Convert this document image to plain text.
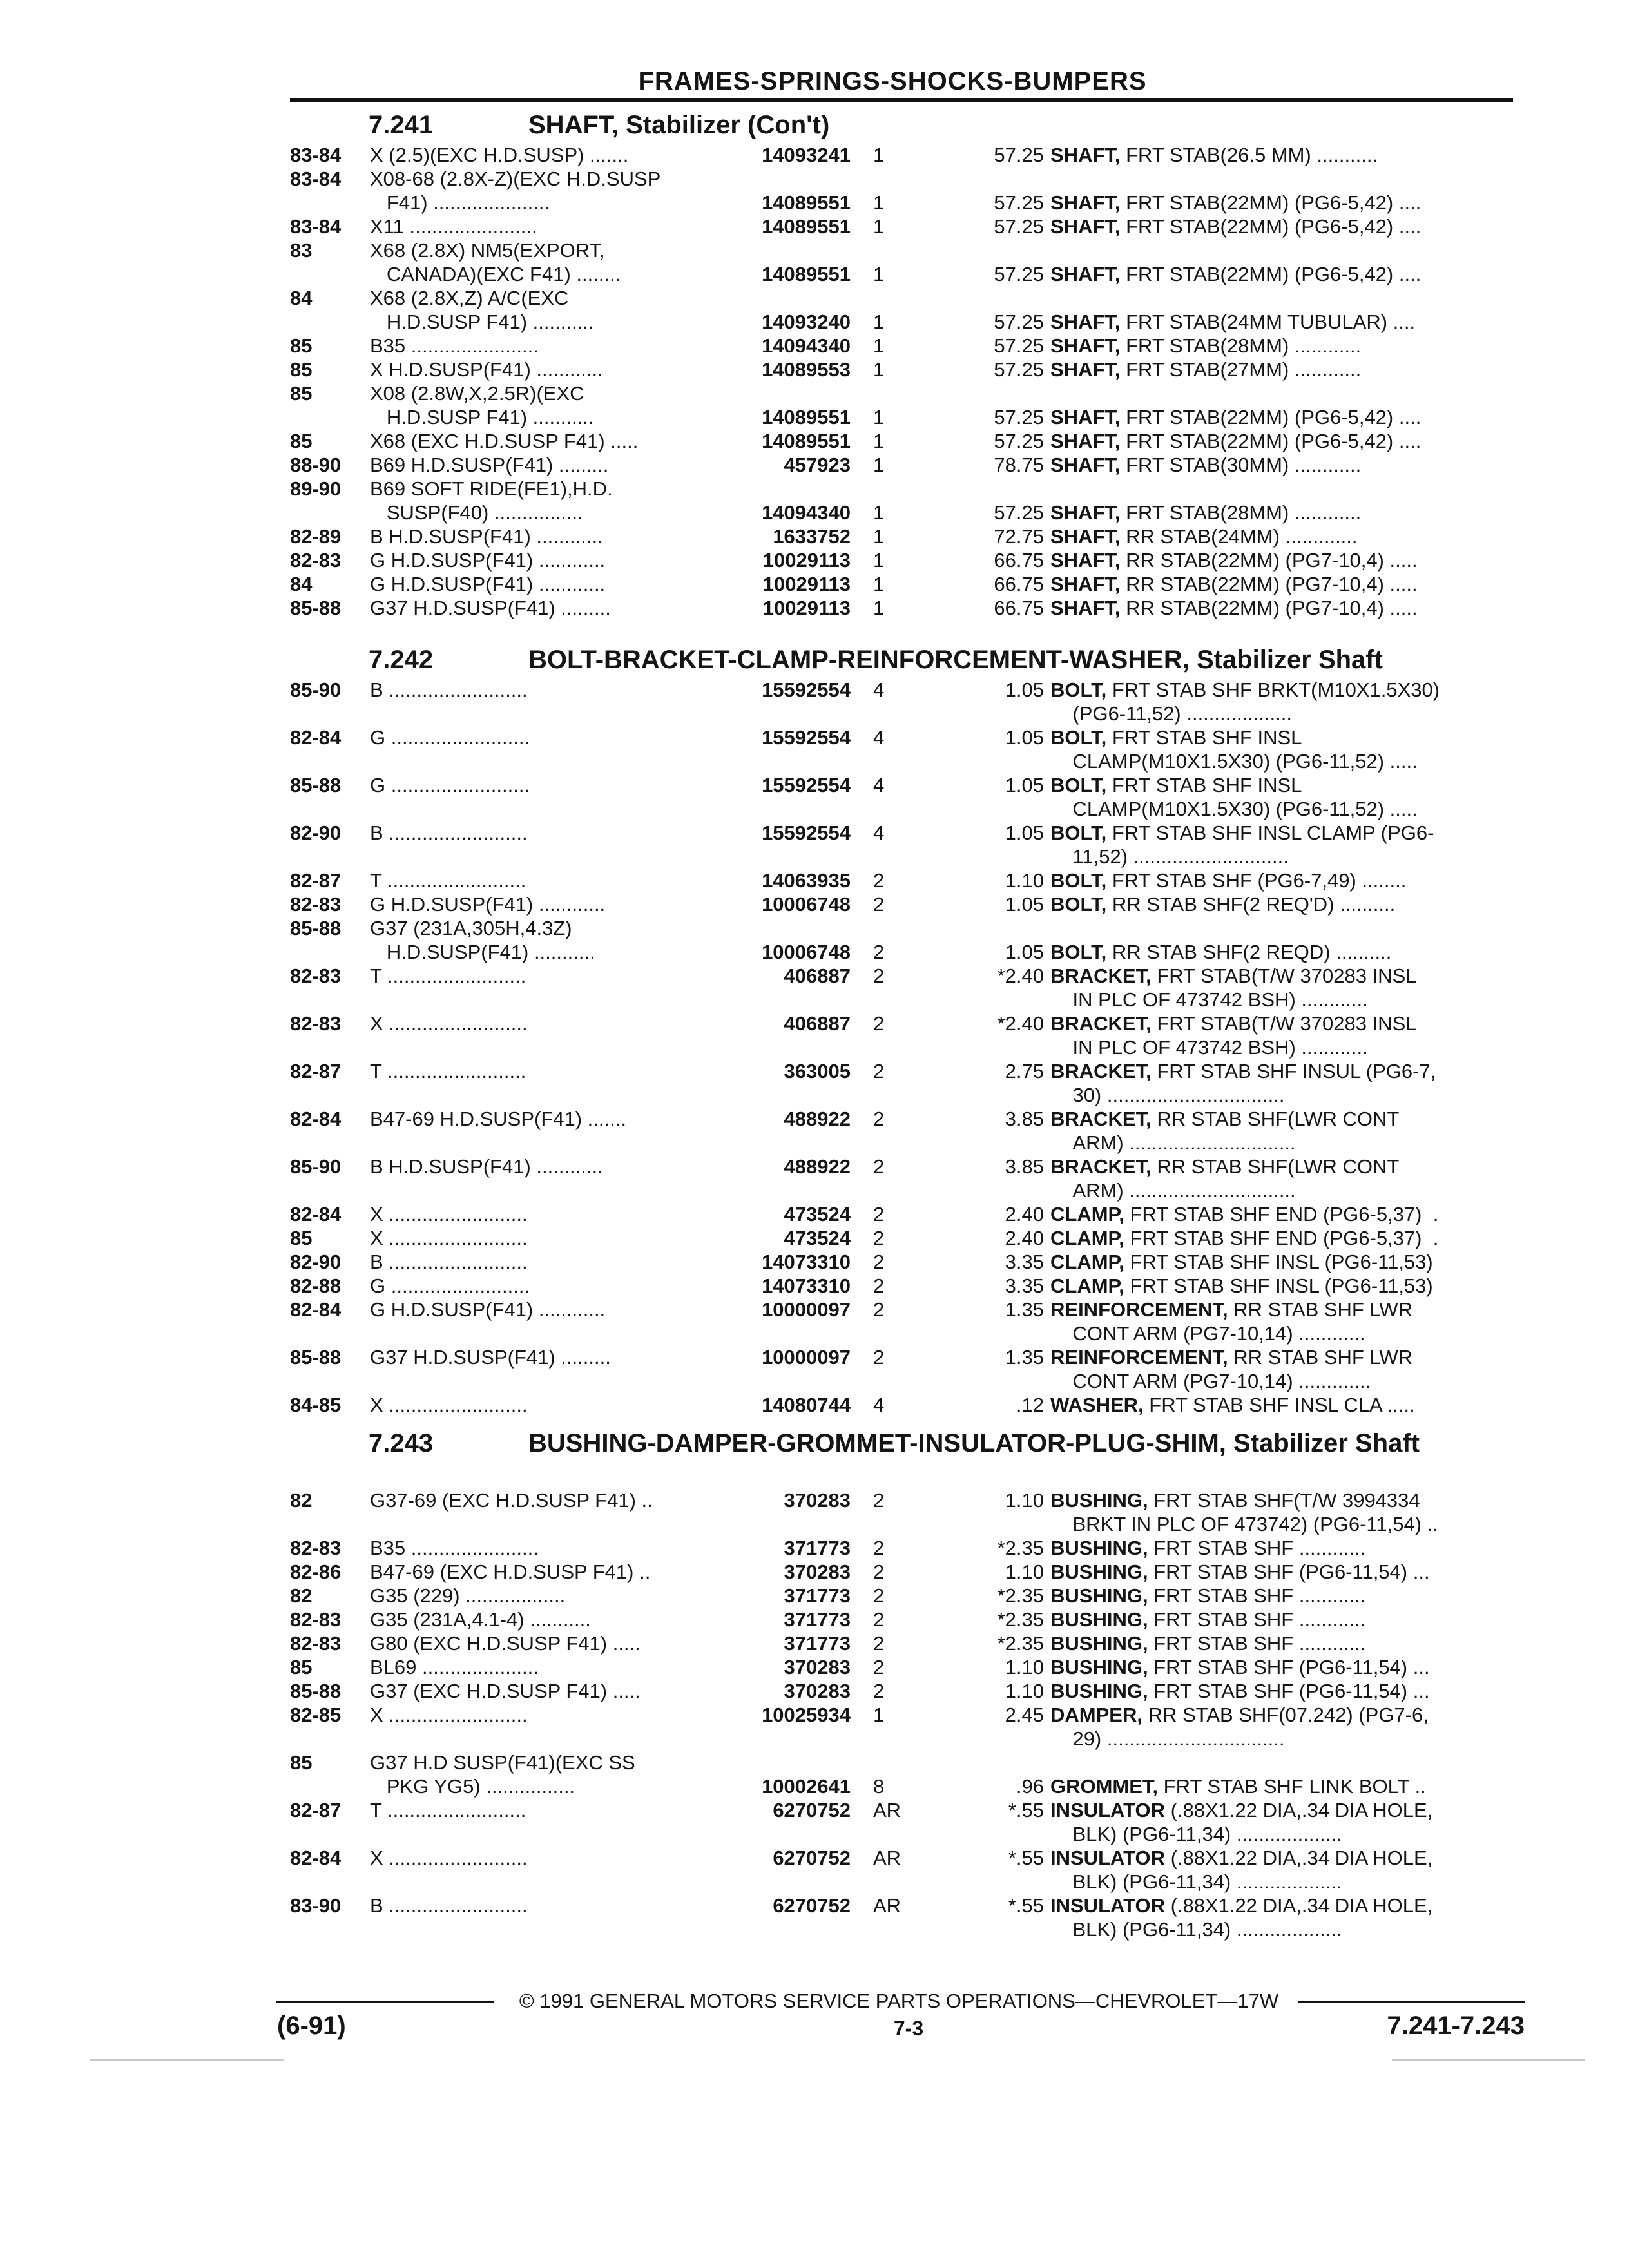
FRAMES-SPRINGS-SHOCKS-BUMPERS
7.241	SHAFT, Stabilizer (Con't)
83-84	X (2.5)(EXC H.D.SUSP) .......	14093241 1	57.25 SHAFT, FRT STAB(26.5 MM) ...........
83-84	X08-68 (2.8X-Z)(EXC H.D.SUSP
F41) .....................	14089551 1	57.25 SHAFT, FRT STAB(22MM) (PG6-5,42) ....
83-84	X11 .......................	14089551 1	57.25 SHAFT, FRT STAB(22MM) (PG6-5,42) ....
83	X68 (2.8X) NM5(EXPORT,
CANADA)(EXC F41) ........	14089551 1	57.25 SHAFT, FRT STAB(22MM) (PG6-5,42) ....
84	X68 (2.8X,Z) A/C(EXC
H.D.SUSP F41) ...........	14093240 1	57.25 SHAFT, FRT STAB(24MM TUBULAR) ....
85	B35 .......................	14094340 1	57.25 SHAFT, FRT STAB(28MM) ............
85	X H.D.SUSP(F41) ............	14089553 1	57.25 SHAFT, FRT STAB(27MM) ............
85	X08 (2.8W,X,2.5R)(EXC
H.D.SUSP F41) ...........	14089551 1	57.25 SHAFT, FRT STAB(22MM) (PG6-5,42) ....
85	X68 (EXC H.D.SUSP F41) .....	14089551 1	57.25 SHAFT, FRT STAB(22MM) (PG6-5,42) ....
88-90	B69 H.D.SUSP(F41) .........	457923 1	78.75 SHAFT, FRT STAB(30MM) ............
89-90	B69 SOFT RIDE(FE1),H.D.
SUSP(F40) ................	14094340 1	57.25 SHAFT, FRT STAB(28MM) ............
82-89	B H.D.SUSP(F41) ............	1633752 1	72.75 SHAFT, RR STAB(24MM) .............
82-83	G H.D.SUSP(F41) ............	10029113 1	66.75 SHAFT, RR STAB(22MM) (PG7-10,4) .....
84	G H.D.SUSP(F41) ............	10029113 1	66.75 SHAFT, RR STAB(22MM) (PG7-10,4) .....
85-88	G37 H.D.SUSP(F41) .........	10029113 1	66.75 SHAFT, RR STAB(22MM) (PG7-10,4) .....
7.242	BOLT-BRACKET-CLAMP-REINFORCEMENT-WASHER, Stabilizer Shaft
85-90	B .........................	15592554 4	1.05 BOLT, FRT STAB SHF BRKT(M10X1.5X30)
(PG6-11,52) ...................
82-84	G .........................	15592554 4	1.05 BOLT, FRT STAB SHF INSL
CLAMP(M10X1.5X30) (PG6-11,52) .....
85-88	G .........................	15592554 4	1.05 BOLT, FRT STAB SHF INSL
CLAMP(M10X1.5X30) (PG6-11,52) .....
82-90	B .........................	15592554 4	1.05 BOLT, FRT STAB SHF INSL CLAMP (PG6-
11,52) ............................
82-87	T .........................	14063935 2	1.10 BOLT, FRT STAB SHF (PG6-7,49) ........
82-83	G H.D.SUSP(F41) ............	10006748 2	1.05 BOLT, RR STAB SHF(2 REQ'D) ..........
85-88	G37 (231A,305H,4.3Z)
H.D.SUSP(F41) ...........	10006748 2	1.05 BOLT, RR STAB SHF(2 REQD) ..........
82-83	T .........................	406887 2	*2.40 BRACKET, FRT STAB(T/W 370283 INSL
IN PLC OF 473742 BSH) ............
82-83	X .........................	406887 2	*2.40 BRACKET, FRT STAB(T/W 370283 INSL
IN PLC OF 473742 BSH) ............
82-87	T .........................	363005 2	2.75 BRACKET, FRT STAB SHF INSUL (PG6-7,
30) ................................
82-84	B47-69 H.D.SUSP(F41) .......	488922 2	3.85 BRACKET, RR STAB SHF(LWR CONT
ARM) ..............................
85-90	B H.D.SUSP(F41) ............	488922 2	3.85 BRACKET, RR STAB SHF(LWR CONT
ARM) ..............................
82-84	X .........................	473524 2	2.40 CLAMP, FRT STAB SHF END (PG6-5,37)  .
85	X .........................	473524 2	2.40 CLAMP, FRT STAB SHF END (PG6-5,37)  .
82-90	B .........................	14073310 2	3.35 CLAMP, FRT STAB SHF INSL (PG6-11,53)
82-88	G .........................	14073310 2	3.35 CLAMP, FRT STAB SHF INSL (PG6-11,53)
82-84	G H.D.SUSP(F41) ............	10000097 2	1.35 REINFORCEMENT, RR STAB SHF LWR
CONT ARM (PG7-10,14) ............
85-88	G37 H.D.SUSP(F41) .........	10000097 2	1.35 REINFORCEMENT, RR STAB SHF LWR
CONT ARM (PG7-10,14) .............
84-85	X .........................	14080744 4	.12 WASHER, FRT STAB SHF INSL CLA .....
7.243	BUSHING-DAMPER-GROMMET-INSULATOR-PLUG-SHIM, Stabilizer Shaft
82	G37-69 (EXC H.D.SUSP F41) ..	370283 2	1.10 BUSHING, FRT STAB SHF(T/W 3994334
BRKT IN PLC OF 473742) (PG6-11,54) ..
82-83	B35 .......................	371773 2	*2.35 BUSHING, FRT STAB SHF ............
82-86	B47-69 (EXC H.D.SUSP F41) ..	370283 2	1.10 BUSHING, FRT STAB SHF (PG6-11,54) ...
82	G35 (229) ..................	371773 2	*2.35 BUSHING, FRT STAB SHF ............
82-83	G35 (231A,4.1-4) ...........	371773 2	*2.35 BUSHING, FRT STAB SHF ............
82-83	G80 (EXC H.D.SUSP F41) .....	371773 2	*2.35 BUSHING, FRT STAB SHF ............
85	BL69 .....................	370283 2	1.10 BUSHING, FRT STAB SHF (PG6-11,54) ...
85-88	G37 (EXC H.D.SUSP F41) .....	370283 2	1.10 BUSHING, FRT STAB SHF (PG6-11,54) ...
82-85	X .........................	10025934 1	2.45 DAMPER, RR STAB SHF(07.242) (PG7-6,
29) ................................
85	G37 H.D SUSP(F41)(EXC SS
PKG YG5) ................	10002641 8	.96 GROMMET, FRT STAB SHF LINK BOLT ..
82-87	T .........................	6270752 AR	*.55 INSULATOR (.88X1.22 DIA,.34 DIA HOLE,
BLK) (PG6-11,34) ...................
82-84	X .........................	6270752 AR	*.55 INSULATOR (.88X1.22 DIA,.34 DIA HOLE,
BLK) (PG6-11,34) ...................
83-90	B .........................	6270752 AR	*.55 INSULATOR (.88X1.22 DIA,.34 DIA HOLE,
BLK) (PG6-11,34) ...................
© 1991 GENERAL MOTORS SERVICE PARTS OPERATIONS—CHEVROLET—17W
(6-91)	7-3	7.241-7.243
